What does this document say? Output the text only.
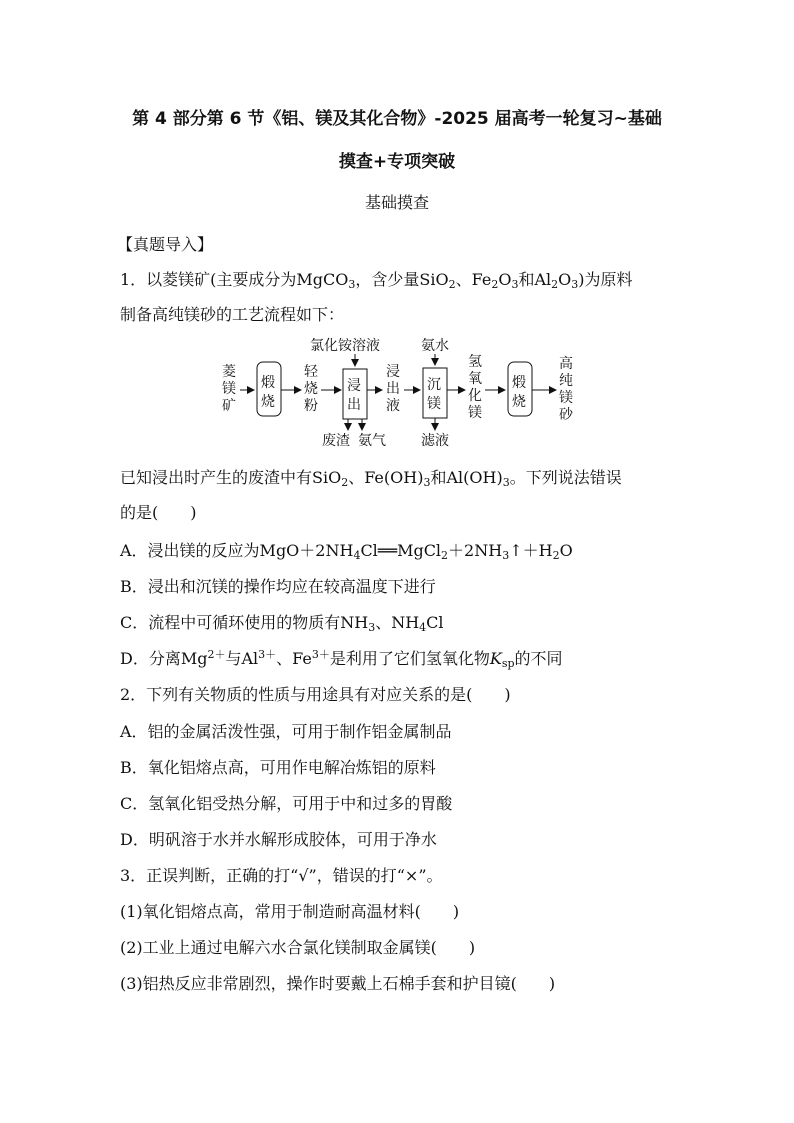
第 4 部分第 6 节《铝、镁及其化合物》-2025 届高考一轮复习~基础
摸查+专项突破
基础摸查
【真题导入】
1．以菱镁矿(主要成分为MgCO$_3$，含少量SiO$_2$、$Fe_2O_3$和$Al_2O_3$)为原料
制备高纯镁砂的工艺流程如下：
菱
镁
矿
煅
烧
轻
烧
粉
氯化铵溶液
浸
出
废渣 氨气
浸
出
液
氨水
沉
镁
滤液
氢
氧
化
镁
煅
烧
高
纯
镁
砂
已知浸出时产生的废渣中有SiO$_2$、$Fe(OH)_3$和$Al(OH)_3$。下列说法错误
的是(　　)
A．浸出镁的反应为$MgO+2NH_4Cl══MgCl_2+2NH_3↑+H_2O$
B．浸出和沉镁的操作均应在较高温度下进行
C．流程中可循环使用的物质有$NH_3$、$NH_4Cl$
D．分离$Mg^{2+}$与$Al^{3+}$、$Fe^{3+}$是利用了它们氢氧化物$K_{sp}$的不同
2．下列有关物质的性质与用途具有对应关系的是(　　)
A．铝的金属活泼性强，可用于制作铝金属制品
B．氧化铝熔点高，可用作电解冶炼铝的原料
C．氢氧化铝受热分解，可用于中和过多的胃酸
D．明矾溶于水并水解形成胶体，可用于净水
3．正误判断，正确的打“√”，错误的打“×”。
(1)氧化铝熔点高，常用于制造耐高温材料(　　)
(2)工业上通过电解六水合氯化镁制取金属镁(　　)
(3)铝热反应非常剧烈，操作时要戴上石棉手套和护目镜(　　)
